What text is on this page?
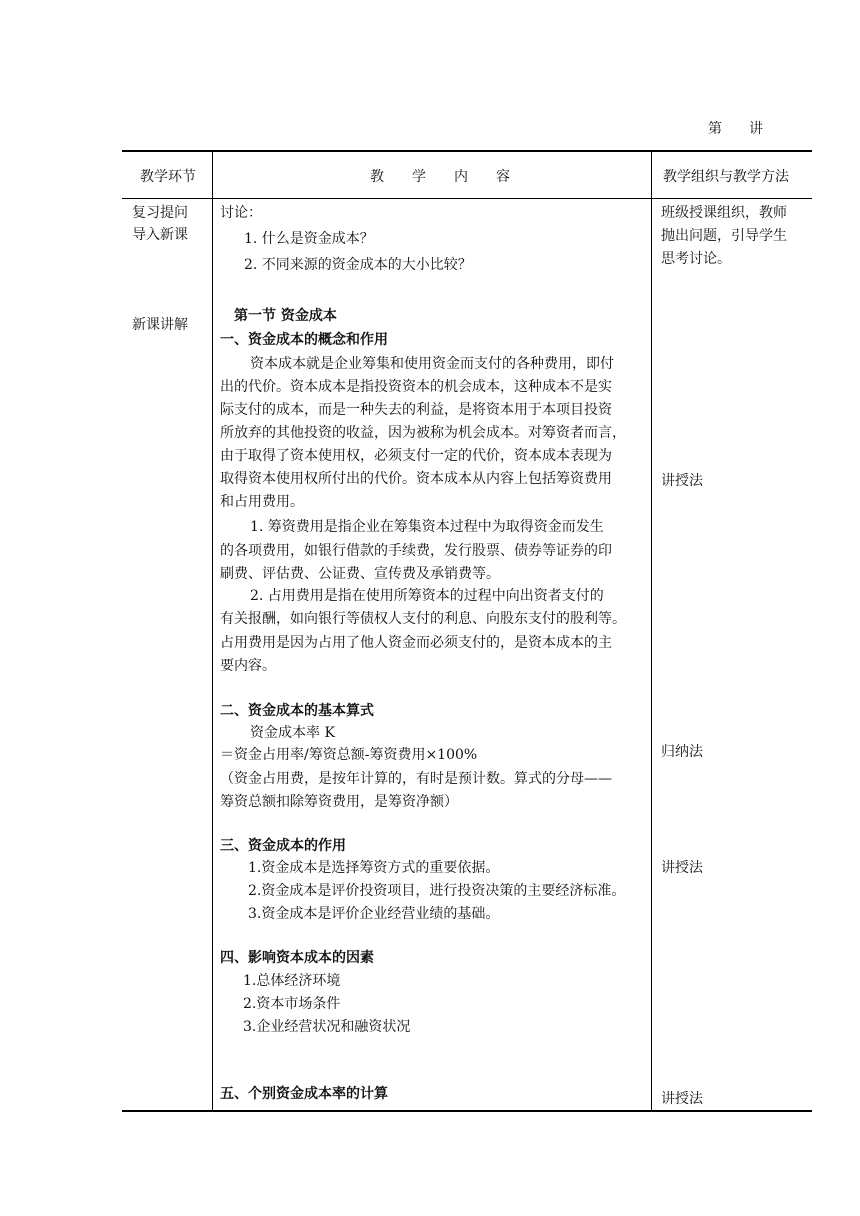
第 讲
教学环节	教 学 内 容	教学组织与教学方法
复习提问
导入新课
新课讲解
讨论：
1. 什么是资金成本？
2. 不同来源的资金成本的大小比较？
第一节 资金成本
一、资金成本的概念和作用
资本成本就是企业筹集和使用资金而支付的各种费用，即付
出的代价。资本成本是指投资资本的机会成本，这种成本不是实
际支付的成本，而是一种失去的利益，是将资本用于本项目投资
所放弃的其他投资的收益，因为被称为机会成本。对筹资者而言，
由于取得了资本使用权，必须支付一定的代价，资本成本表现为
取得资本使用权所付出的代价。资本成本从内容上包括筹资费用
和占用费用。
1. 筹资费用是指企业在筹集资本过程中为取得资金而发生
的各项费用，如银行借款的手续费，发行股票、债券等证券的印
刷费、评估费、公证费、宣传费及承销费等。
2. 占用费用是指在使用所筹资本的过程中向出资者支付的
有关报酬，如向银行等债权人支付的利息、向股东支付的股利等。
占用费用是因为占用了他人资金而必须支付的，是资本成本的主
要内容。
二、资金成本的基本算式
资金成本率 K
＝资金占用率/筹资总额-筹资费用×100%
（资金占用费，是按年计算的，有时是预计数。算式的分母——
筹资总额扣除筹资费用，是筹资净额）
三、资金成本的作用
1.资金成本是选择筹资方式的重要依据。
2.资金成本是评价投资项目，进行投资决策的主要经济标准。
3.资金成本是评价企业经营业绩的基础。
四、影响资本成本的因素
1.总体经济环境
2.资本市场条件
3.企业经营状况和融资状况
五、个别资金成本率的计算
班级授课组织，教师
抛出问题，引导学生
思考讨论。
讲授法
归纳法
讲授法
讲授法
